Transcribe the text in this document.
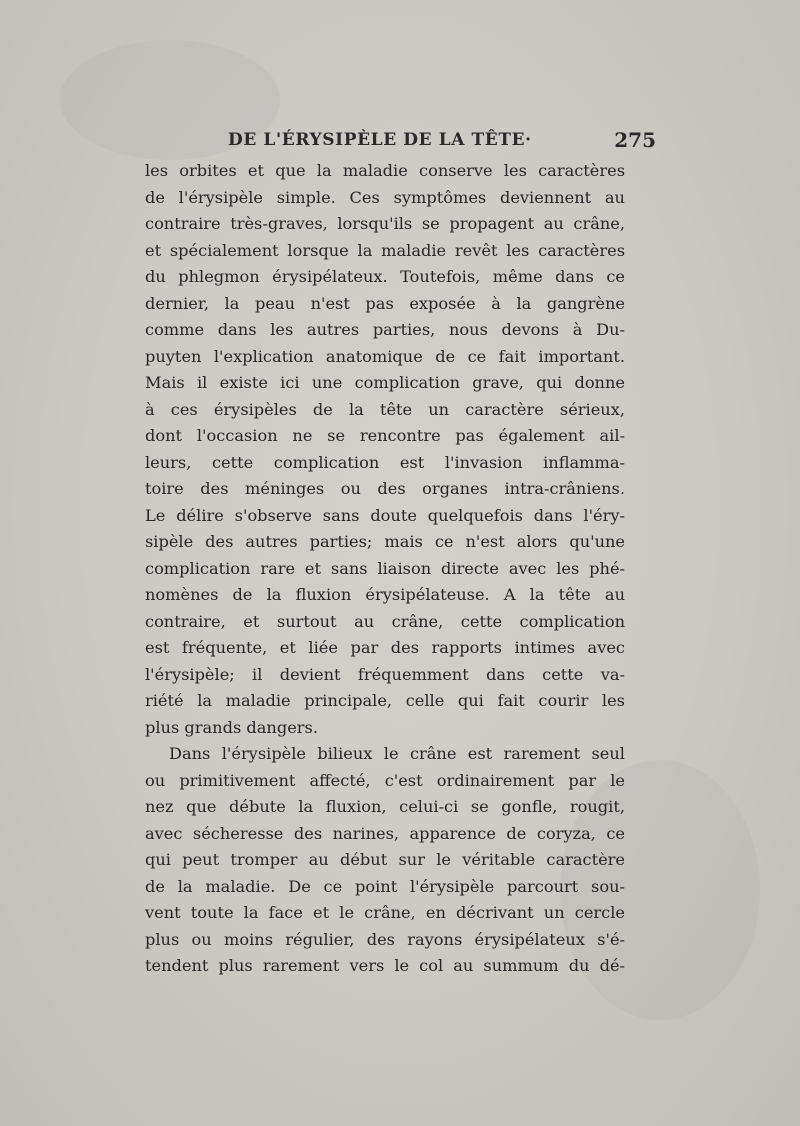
DE L'ÉRYSIPÈLE DE LA TÊTE·	275
les orbites et que la maladie conserve les caractères
de l'érysipèle simple. Ces symptômes deviennent au
contraire très-graves, lorsqu'ils se propagent au crâne,
et spécialement lorsque la maladie revêt les caractères
du phlegmon érysipélateux. Toutefois, même dans ce
dernier, la peau n'est pas exposée à la gangrène
comme dans les autres parties, nous devons à Du-
puyten l'explication anatomique de ce fait important.
Mais il existe ici une complication grave, qui donne
à ces érysipèles de la tête un caractère sérieux,
dont l'occasion ne se rencontre pas également ail-
leurs, cette complication est l'invasion inflamma-
toire des méninges ou des organes intra-crâniens.
Le délire s'observe sans doute quelquefois dans l'éry-
sipèle des autres parties; mais ce n'est alors qu'une
complication rare et sans liaison directe avec les phé-
nomènes de la fluxion érysipélateuse. A la tête au
contraire, et surtout au crâne, cette complication
est fréquente, et liée par des rapports intimes avec
l'érysipèle; il devient fréquemment dans cette va-
riété la maladie principale, celle qui fait courir les
plus grands dangers.
Dans l'érysipèle bilieux le crâne est rarement seul
ou primitivement affecté, c'est ordinairement par le
nez que débute la fluxion, celui-ci se gonfle, rougit,
avec sécheresse des narines, apparence de coryza, ce
qui peut tromper au début sur le véritable caractère
de la maladie. De ce point l'érysipèle parcourt sou-
vent toute la face et le crâne, en décrivant un cercle
plus ou moins régulier, des rayons érysipélateux s'é-
tendent plus rarement vers le col au summum du dé-
